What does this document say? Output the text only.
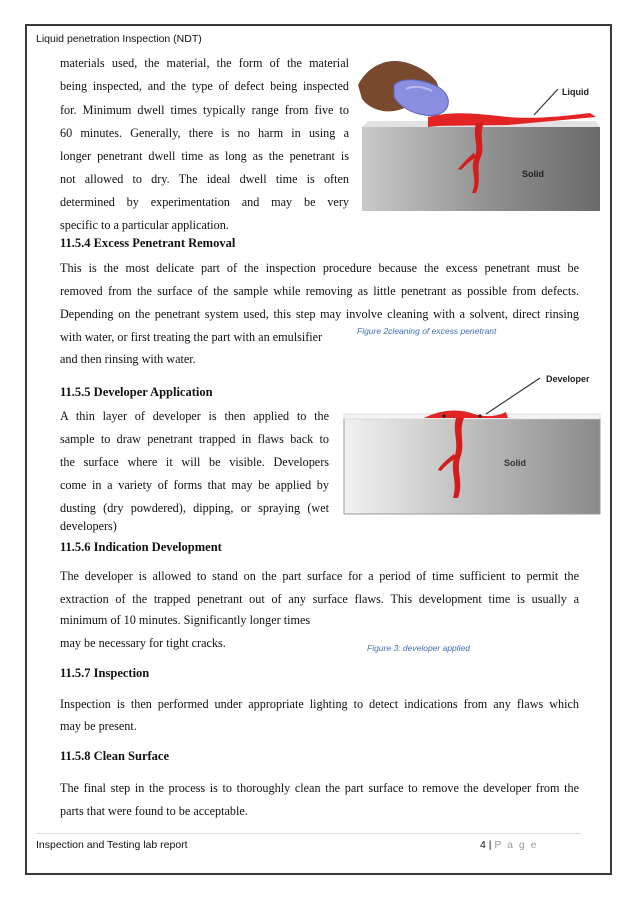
Liquid penetration Inspection (NDT)
materials used, the material, the form of the material
being inspected, and the type of defect being inspected
for. Minimum dwell times typically range from five to
60 minutes. Generally, there is no harm in using a
longer penetrant dwell time as long as the penetrant is
not allowed to dry. The ideal dwell time is often
determined by experimentation and may be very
specific to a particular application.
Liquid
Solid
11.5.4 Excess Penetrant Removal
This is the most delicate part of the inspection procedure because the excess penetrant must be
removed from the surface of the sample while removing as little penetrant as possible from defects.
Depending on the penetrant system used, this step may involve cleaning with a solvent, direct rinsing
with water, or first treating the part with an emulsifier	Figure 2cleaning of excess penetrant
and then rinsing with water.
11.5.5 Developer Application
A thin layer of developer is then applied to the
sample to draw penetrant trapped in flaws back to
the surface where it will be visible. Developers
come in a variety of forms that may be applied by
dusting (dry powdered), dipping, or spraying (wet
developers)
Developer
Solid
11.5.6 Indication Development
The developer is allowed to stand on the part surface for a period of time sufficient to permit the
extraction of the trapped penetrant out of any surface flaws. This development time is usually a
minimum of 10 minutes. Significantly longer times
may be necessary for tight cracks.	Figure 3: developer applied
11.5.7 Inspection
Inspection is then performed under appropriate lighting to detect indications from any flaws which
may be present.
11.5.8 Clean Surface
The final step in the process is to thoroughly clean the part surface to remove the developer from the
parts that were found to be acceptable.
Inspection and Testing lab report	4 | P a g e
